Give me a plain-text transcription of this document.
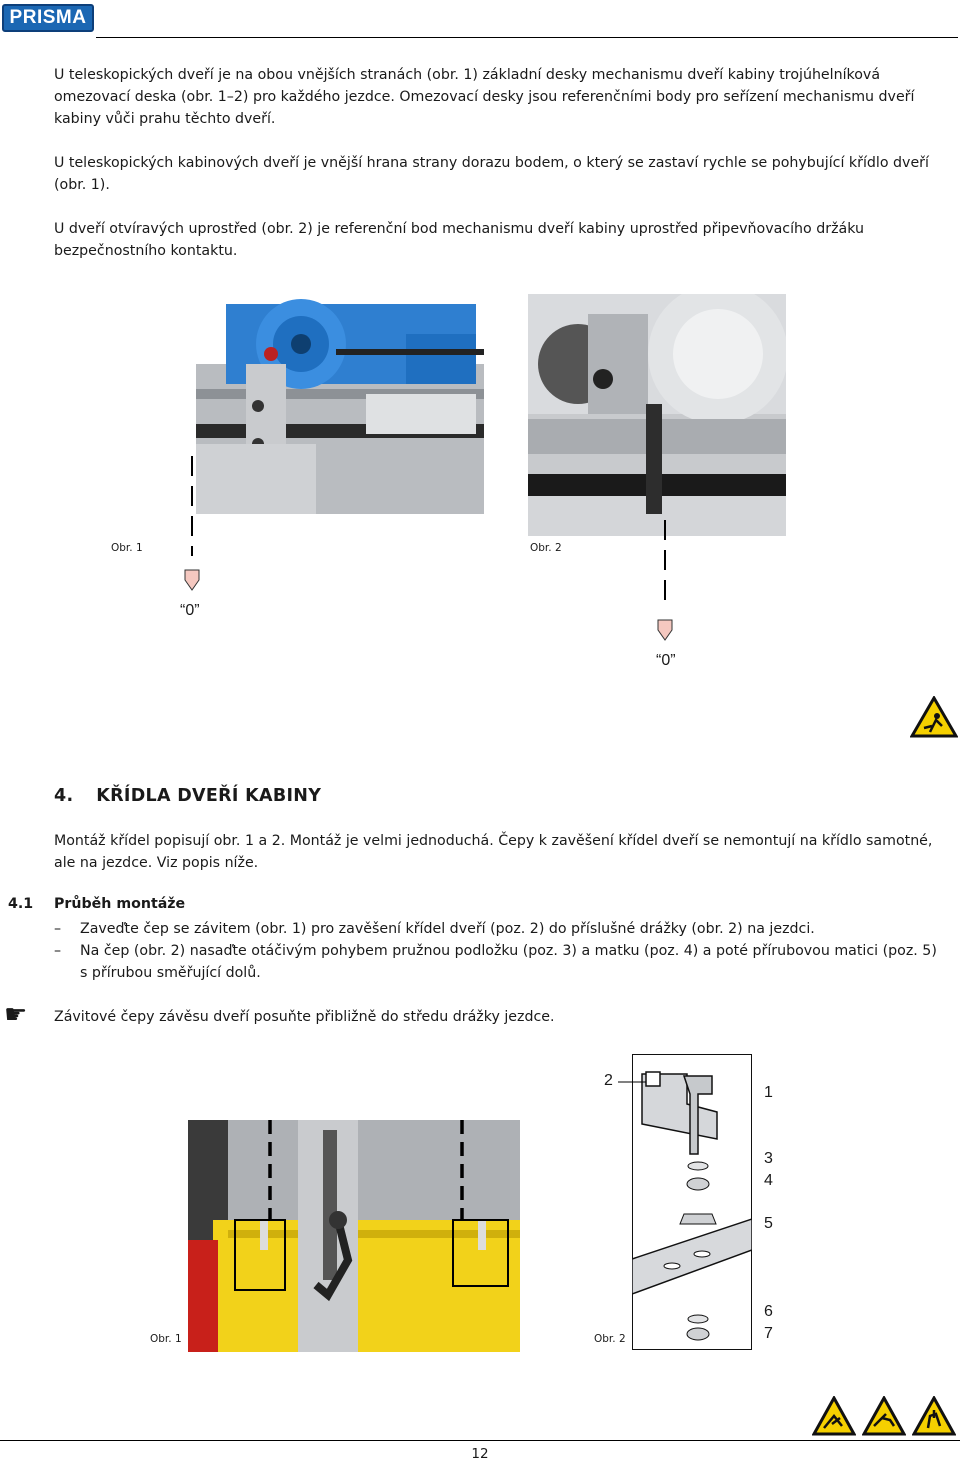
PRISMA

U teleskopických dveří je na obou vnějších stranách (obr. 1) základní desky mechanismu dveří kabiny trojúhelníková omezovací deska (obr. 1–2) pro každého jezdce. Omezovací desky jsou referenčními body pro seřízení mechanismu dveří kabiny vůči prahu těchto dveří.

U teleskopických kabinových dveří je vnější hrana strany dorazu bodem, o který se zastaví rychle se pohybující křídlo dveří (obr. 1).

U dveří otvíravých uprostřed (obr. 2) je referenční bod mechanismu dveří kabiny uprostřed připevňovacího držáku bezpečnostního kontaktu.

Obr. 1
“0”
Obr. 2
“0”
4. KŘÍDLA DVEŘÍ KABINY

Montáž křídel popisují obr. 1 a 2. Montáž je velmi jednoduchá. Čepy k zavěšení křídel dveří se nemontují na křídlo samotné, ale na jezdce. Viz popis níže.

4.1 Průběh montáže
– Zaveďte čep se závitem (obr. 1) pro zavěšení křídel dveří (poz. 2) do příslušné drážky (obr. 2) na jezdci.
– Na čep (obr. 2) nasaďte otáčivým pohybem pružnou podložku (poz. 3) a matku (poz. 4) a poté přírubovou matici (poz. 5) s přírubou směřující dolů.
☛ Závitové čepy závěsu dveří posuňte přibližně do středu drážky jezdce.
Obr. 1	Obr. 2
2
1
3
4
5
6
7
12
